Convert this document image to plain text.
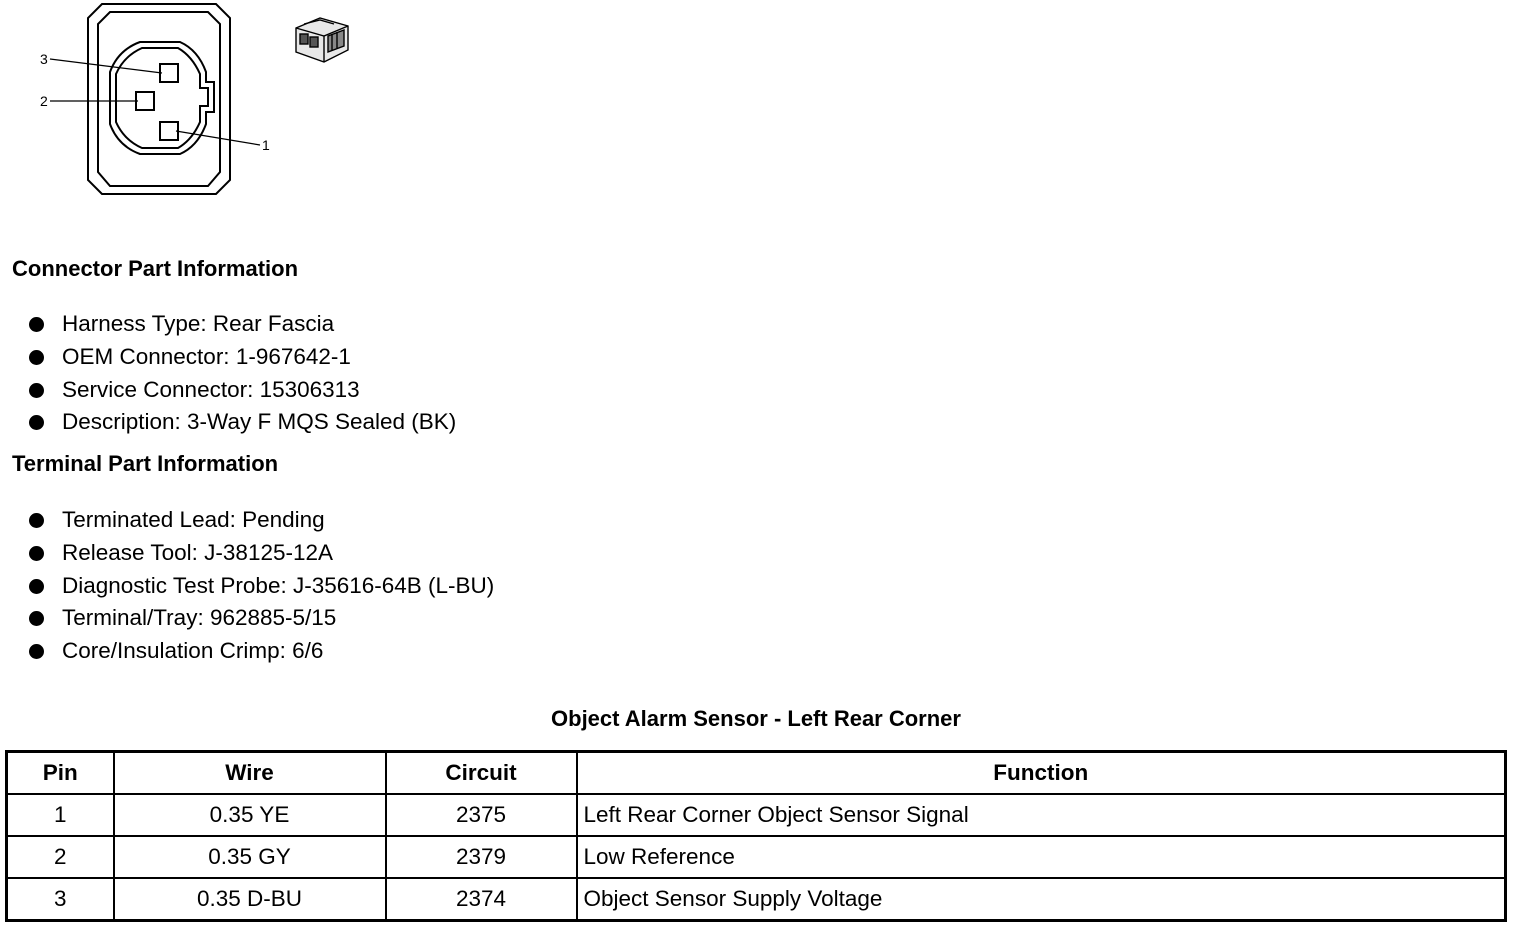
3
2
1
Connector Part Information
Harness Type: Rear Fascia
OEM Connector: 1-967642-1
Service Connector: 15306313
Description: 3-Way F MQS Sealed (BK)
Terminal Part Information
Terminated Lead: Pending
Release Tool: J-38125-12A
Diagnostic Test Probe: J-35616-64B (L-BU)
Terminal/Tray: 962885-5/15
Core/Insulation Crimp: 6/6
Object Alarm Sensor - Left Rear Corner
Pin	Wire	Circuit	Function
1	0.35 YE	2375	Left Rear Corner Object Sensor Signal
2	0.35 GY	2379	Low Reference
3	0.35 D-BU	2374	Object Sensor Supply Voltage
